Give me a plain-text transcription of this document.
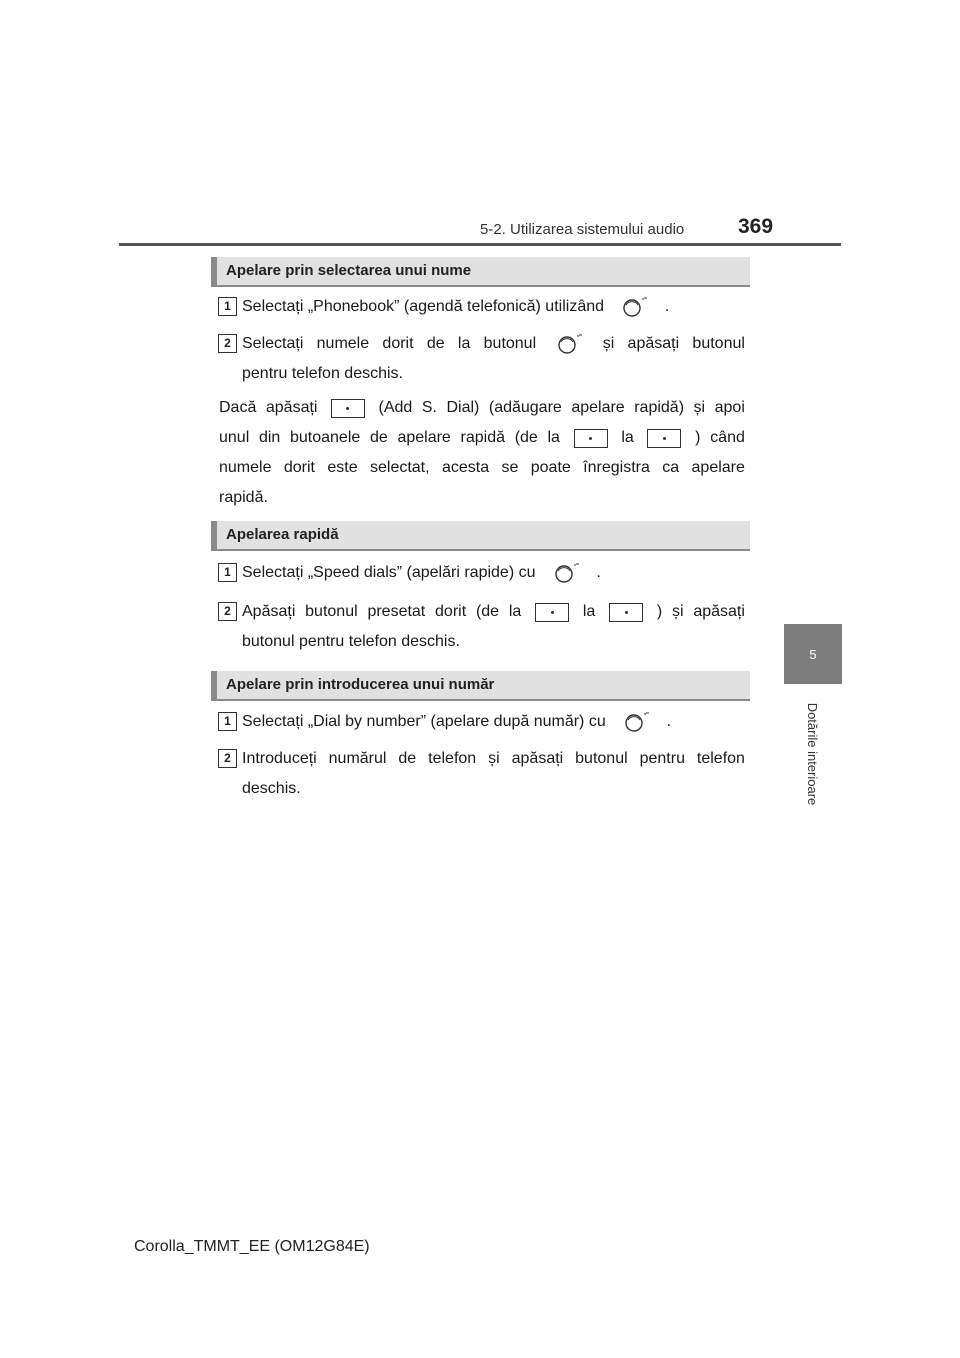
5-2. Utilizarea sistemului audio	369
5
Dotările interioare
Apelare prin selectarea unui nume
1 Selectați „Phonebook” (agendă telefonică) utilizând	.
2 Selectați numele dorit de la butonul	și apăsați butonul
pentru telefon deschis.
Dacă apăsați	(Add S. Dial) (adăugare apelare rapidă) și apoi
unul din butoanele de apelare rapidă (de la	la	) când
numele dorit este selectat, acesta se poate înregistra ca apelare
rapidă.
Apelarea rapidă
1 Selectați „Speed dials” (apelări rapide) cu	.
2 Apăsați butonul presetat dorit (de la	la	) și apăsați
butonul pentru telefon deschis.
Apelare prin introducerea unui număr
1 Selectați „Dial by number” (apelare după număr) cu	.
2 Introduceți numărul de telefon și apăsați butonul pentru telefon
deschis.
Corolla_TMMT_EE (OM12G84E)
